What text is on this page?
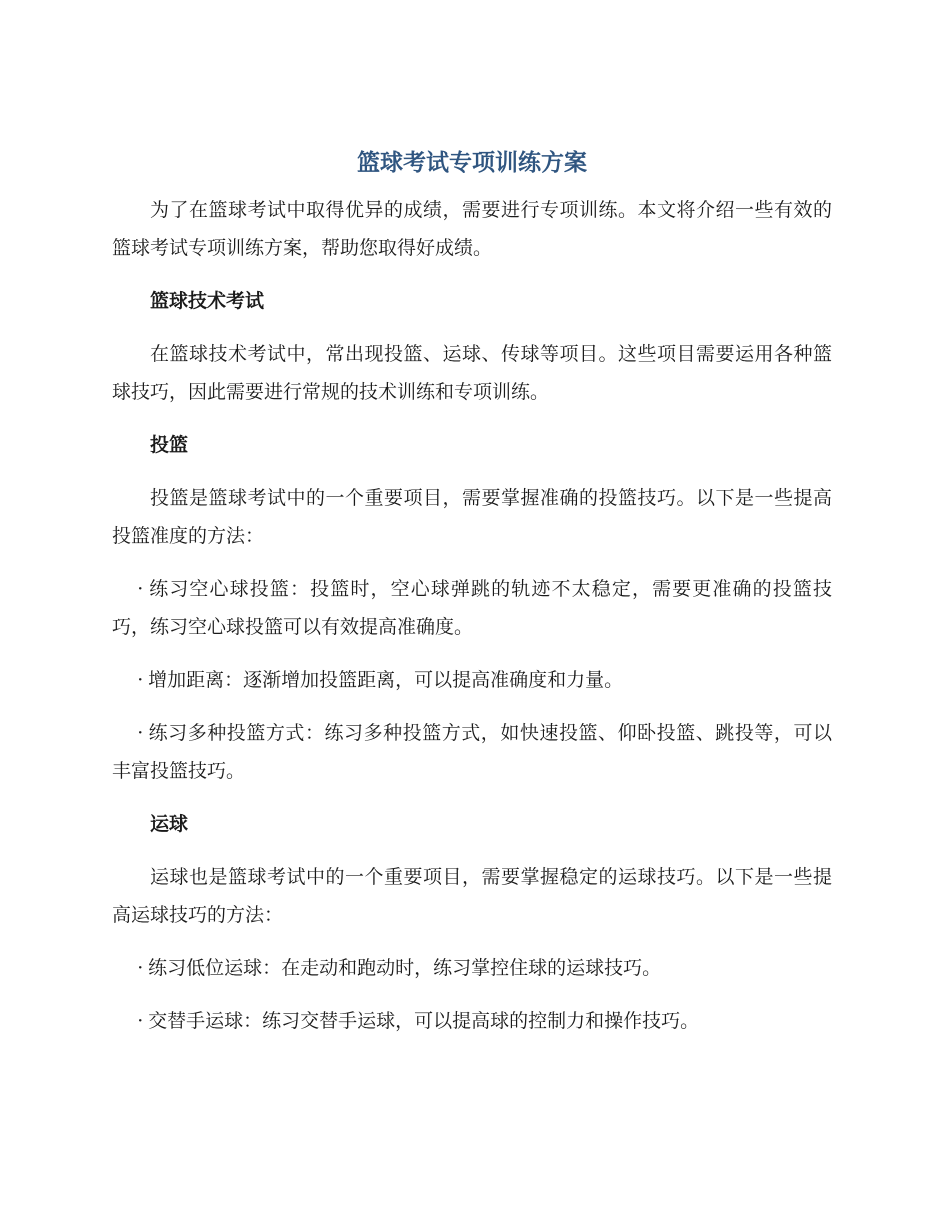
篮球考试专项训练方案

为了在篮球考试中取得优异的成绩，需要进行专项训练。本文将介绍一些有效的篮球考试专项训练方案，帮助您取得好成绩。

篮球技术考试

在篮球技术考试中，常出现投篮、运球、传球等项目。这些项目需要运用各种篮球技巧，因此需要进行常规的技术训练和专项训练。

投篮

投篮是篮球考试中的一个重要项目，需要掌握准确的投篮技巧。以下是一些提高投篮准度的方法：

· 练习空心球投篮：投篮时，空心球弹跳的轨迹不太稳定，需要更准确的投篮技巧，练习空心球投篮可以有效提高准确度。

· 增加距离：逐渐增加投篮距离，可以提高准确度和力量。

· 练习多种投篮方式：练习多种投篮方式，如快速投篮、仰卧投篮、跳投等，可以丰富投篮技巧。

运球

运球也是篮球考试中的一个重要项目，需要掌握稳定的运球技巧。以下是一些提高运球技巧的方法：

· 练习低位运球：在走动和跑动时，练习掌控住球的运球技巧。

· 交替手运球：练习交替手运球，可以提高球的控制力和操作技巧。
